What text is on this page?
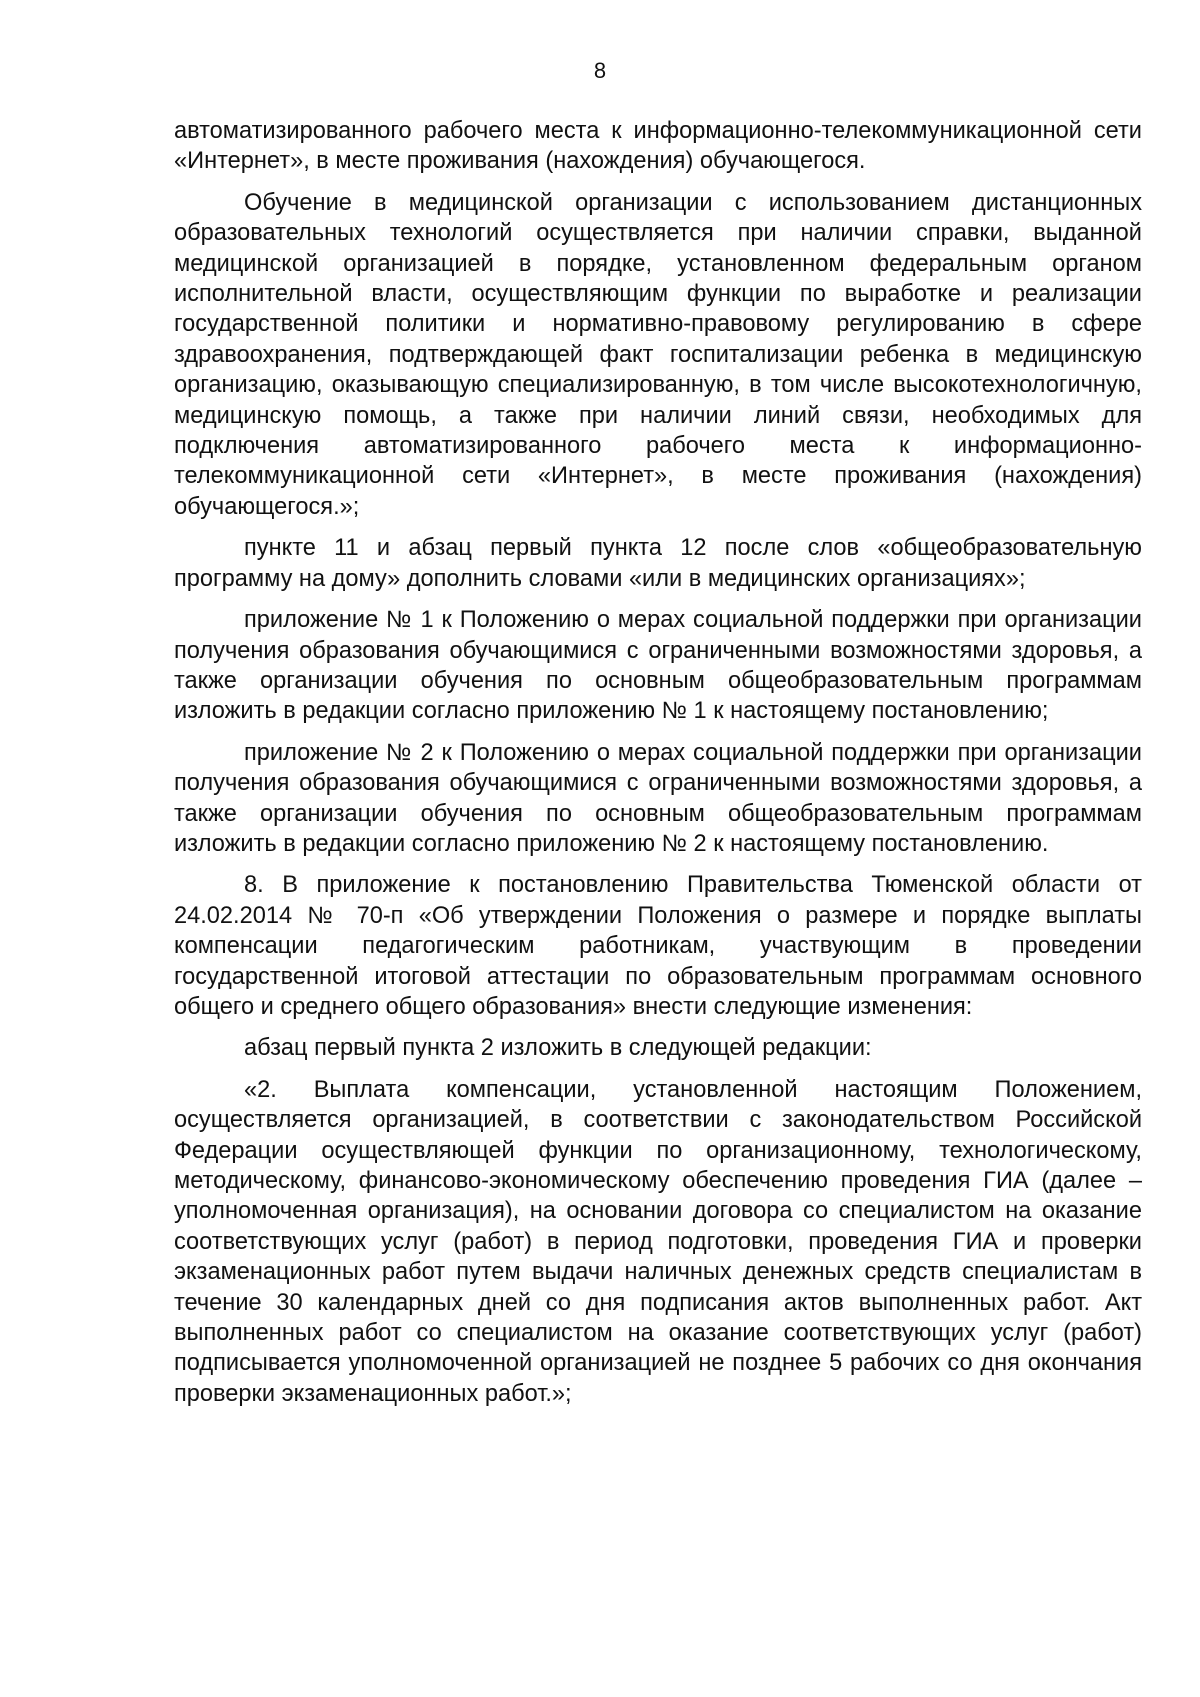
8

автоматизированного рабочего места к информационно-телекоммуникационной сети «Интернет», в месте проживания (нахождения) обучающегося.

Обучение в медицинской организации с использованием дистанционных образовательных технологий осуществляется при наличии справки, выданной медицинской организацией в порядке, установленном федеральным органом исполнительной власти, осуществляющим функции по выработке и реализации государственной политики и нормативно-правовому регулированию в сфере здравоохранения, подтверждающей факт госпитализации ребенка в медицинскую организацию, оказывающую специализированную, в том числе высокотехнологичную, медицинскую помощь, а также при наличии линий связи, необходимых для подключения автоматизированного рабочего места к информационно-телекоммуникационной сети «Интернет», в месте проживания (нахождения) обучающегося.»;

пункте 11 и абзац первый пункта 12 после слов «общеобразовательную программу на дому» дополнить словами «или в медицинских организациях»;

приложение № 1 к Положению о мерах социальной поддержки при организации получения образования обучающимися с ограниченными возможностями здоровья, а также организации обучения по основным общеобразовательным программам изложить в редакции согласно приложению № 1 к настоящему постановлению;

приложение № 2 к Положению о мерах социальной поддержки при организации получения образования обучающимися с ограниченными возможностями здоровья, а также организации обучения по основным общеобразовательным программам изложить в редакции согласно приложению № 2 к настоящему постановлению.

8. В приложение к постановлению Правительства Тюменской области от 24.02.2014 № 70-п «Об утверждении Положения о размере и порядке выплаты компенсации педагогическим работникам, участвующим в проведении государственной итоговой аттестации по образовательным программам основного общего и среднего общего образования» внести следующие изменения:

абзац первый пункта 2 изложить в следующей редакции:

«2. Выплата компенсации, установленной настоящим Положением, осуществляется организацией, в соответствии с законодательством Российской Федерации осуществляющей функции по организационному, технологическому, методическому, финансово-экономическому обеспечению проведения ГИА (далее – уполномоченная организация), на основании договора со специалистом на оказание соответствующих услуг (работ) в период подготовки, проведения ГИА и проверки экзаменационных работ путем выдачи наличных денежных средств специалистам в течение 30 календарных дней со дня подписания актов выполненных работ. Акт выполненных работ со специалистом на оказание соответствующих услуг (работ) подписывается уполномоченной организацией не позднее 5 рабочих со дня окончания проверки экзаменационных работ.»;
